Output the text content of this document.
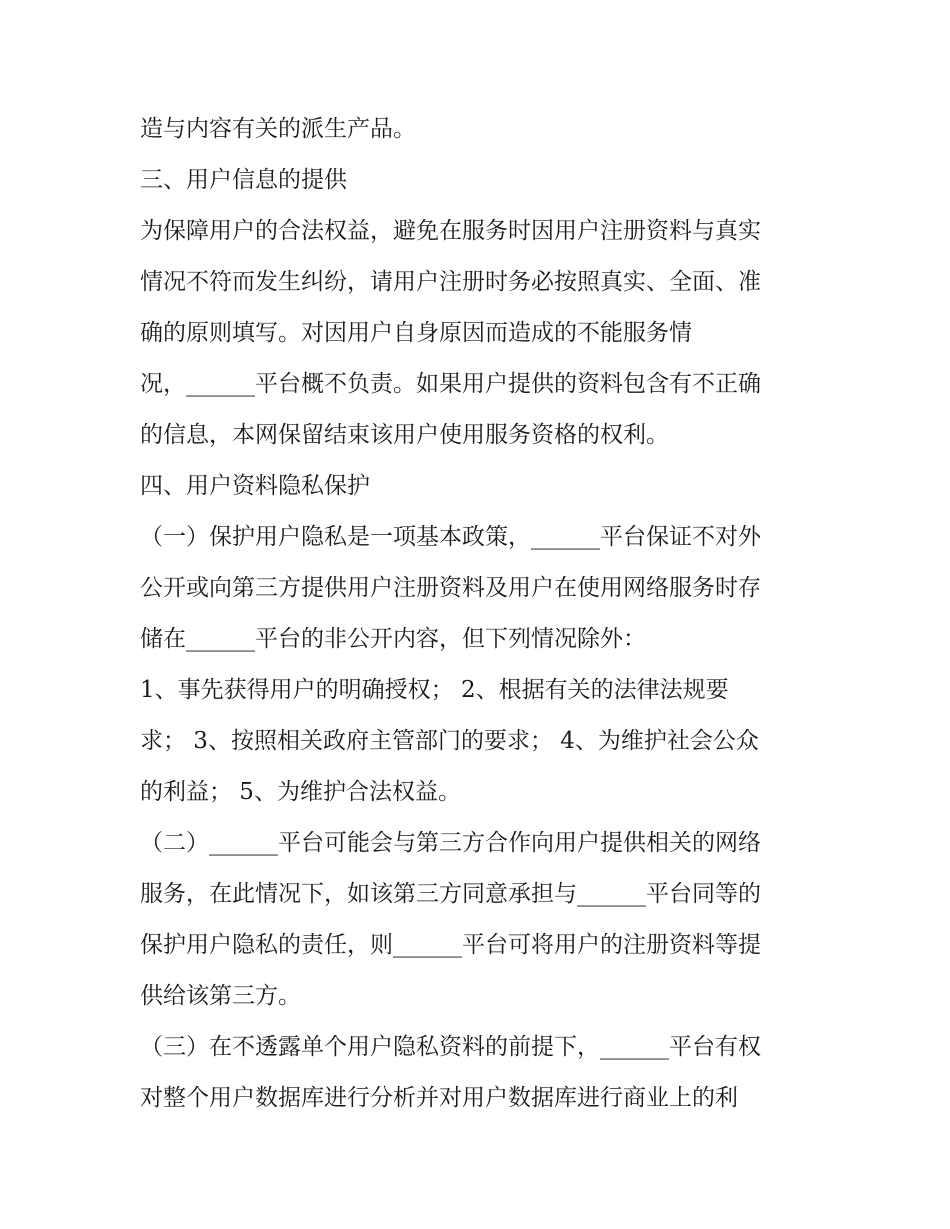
造与内容有关的派生产品。

三、用户信息的提供

为保障用户的合法权益，避免在服务时因用户注册资料与真实

情况不符而发生纠纷，请用户注册时务必按照真实、全面、准

确的原则填写。对因用户自身原因而造成的不能服务情

况，______平台概不负责。如果用户提供的资料包含有不正确

的信息，本网保留结束该用户使用服务资格的权利。

四、用户资料隐私保护

（一）保护用户隐私是一项基本政策，______平台保证不对外

公开或向第三方提供用户注册资料及用户在使用网络服务时存

储在______平台的非公开内容，但下列情况除外：

1、事先获得用户的明确授权； 2、根据有关的法律法规要

求； 3、按照相关政府主管部门的要求； 4、为维护社会公众

的利益； 5、为维护合法权益。

（二）______平台可能会与第三方合作向用户提供相关的网络

服务，在此情况下，如该第三方同意承担与______平台同等的

保护用户隐私的责任，则______平台可将用户的注册资料等提

供给该第三方。

（三）在不透露单个用户隐私资料的前提下，______平台有权

对整个用户数据库进行分析并对用户数据库进行商业上的利
